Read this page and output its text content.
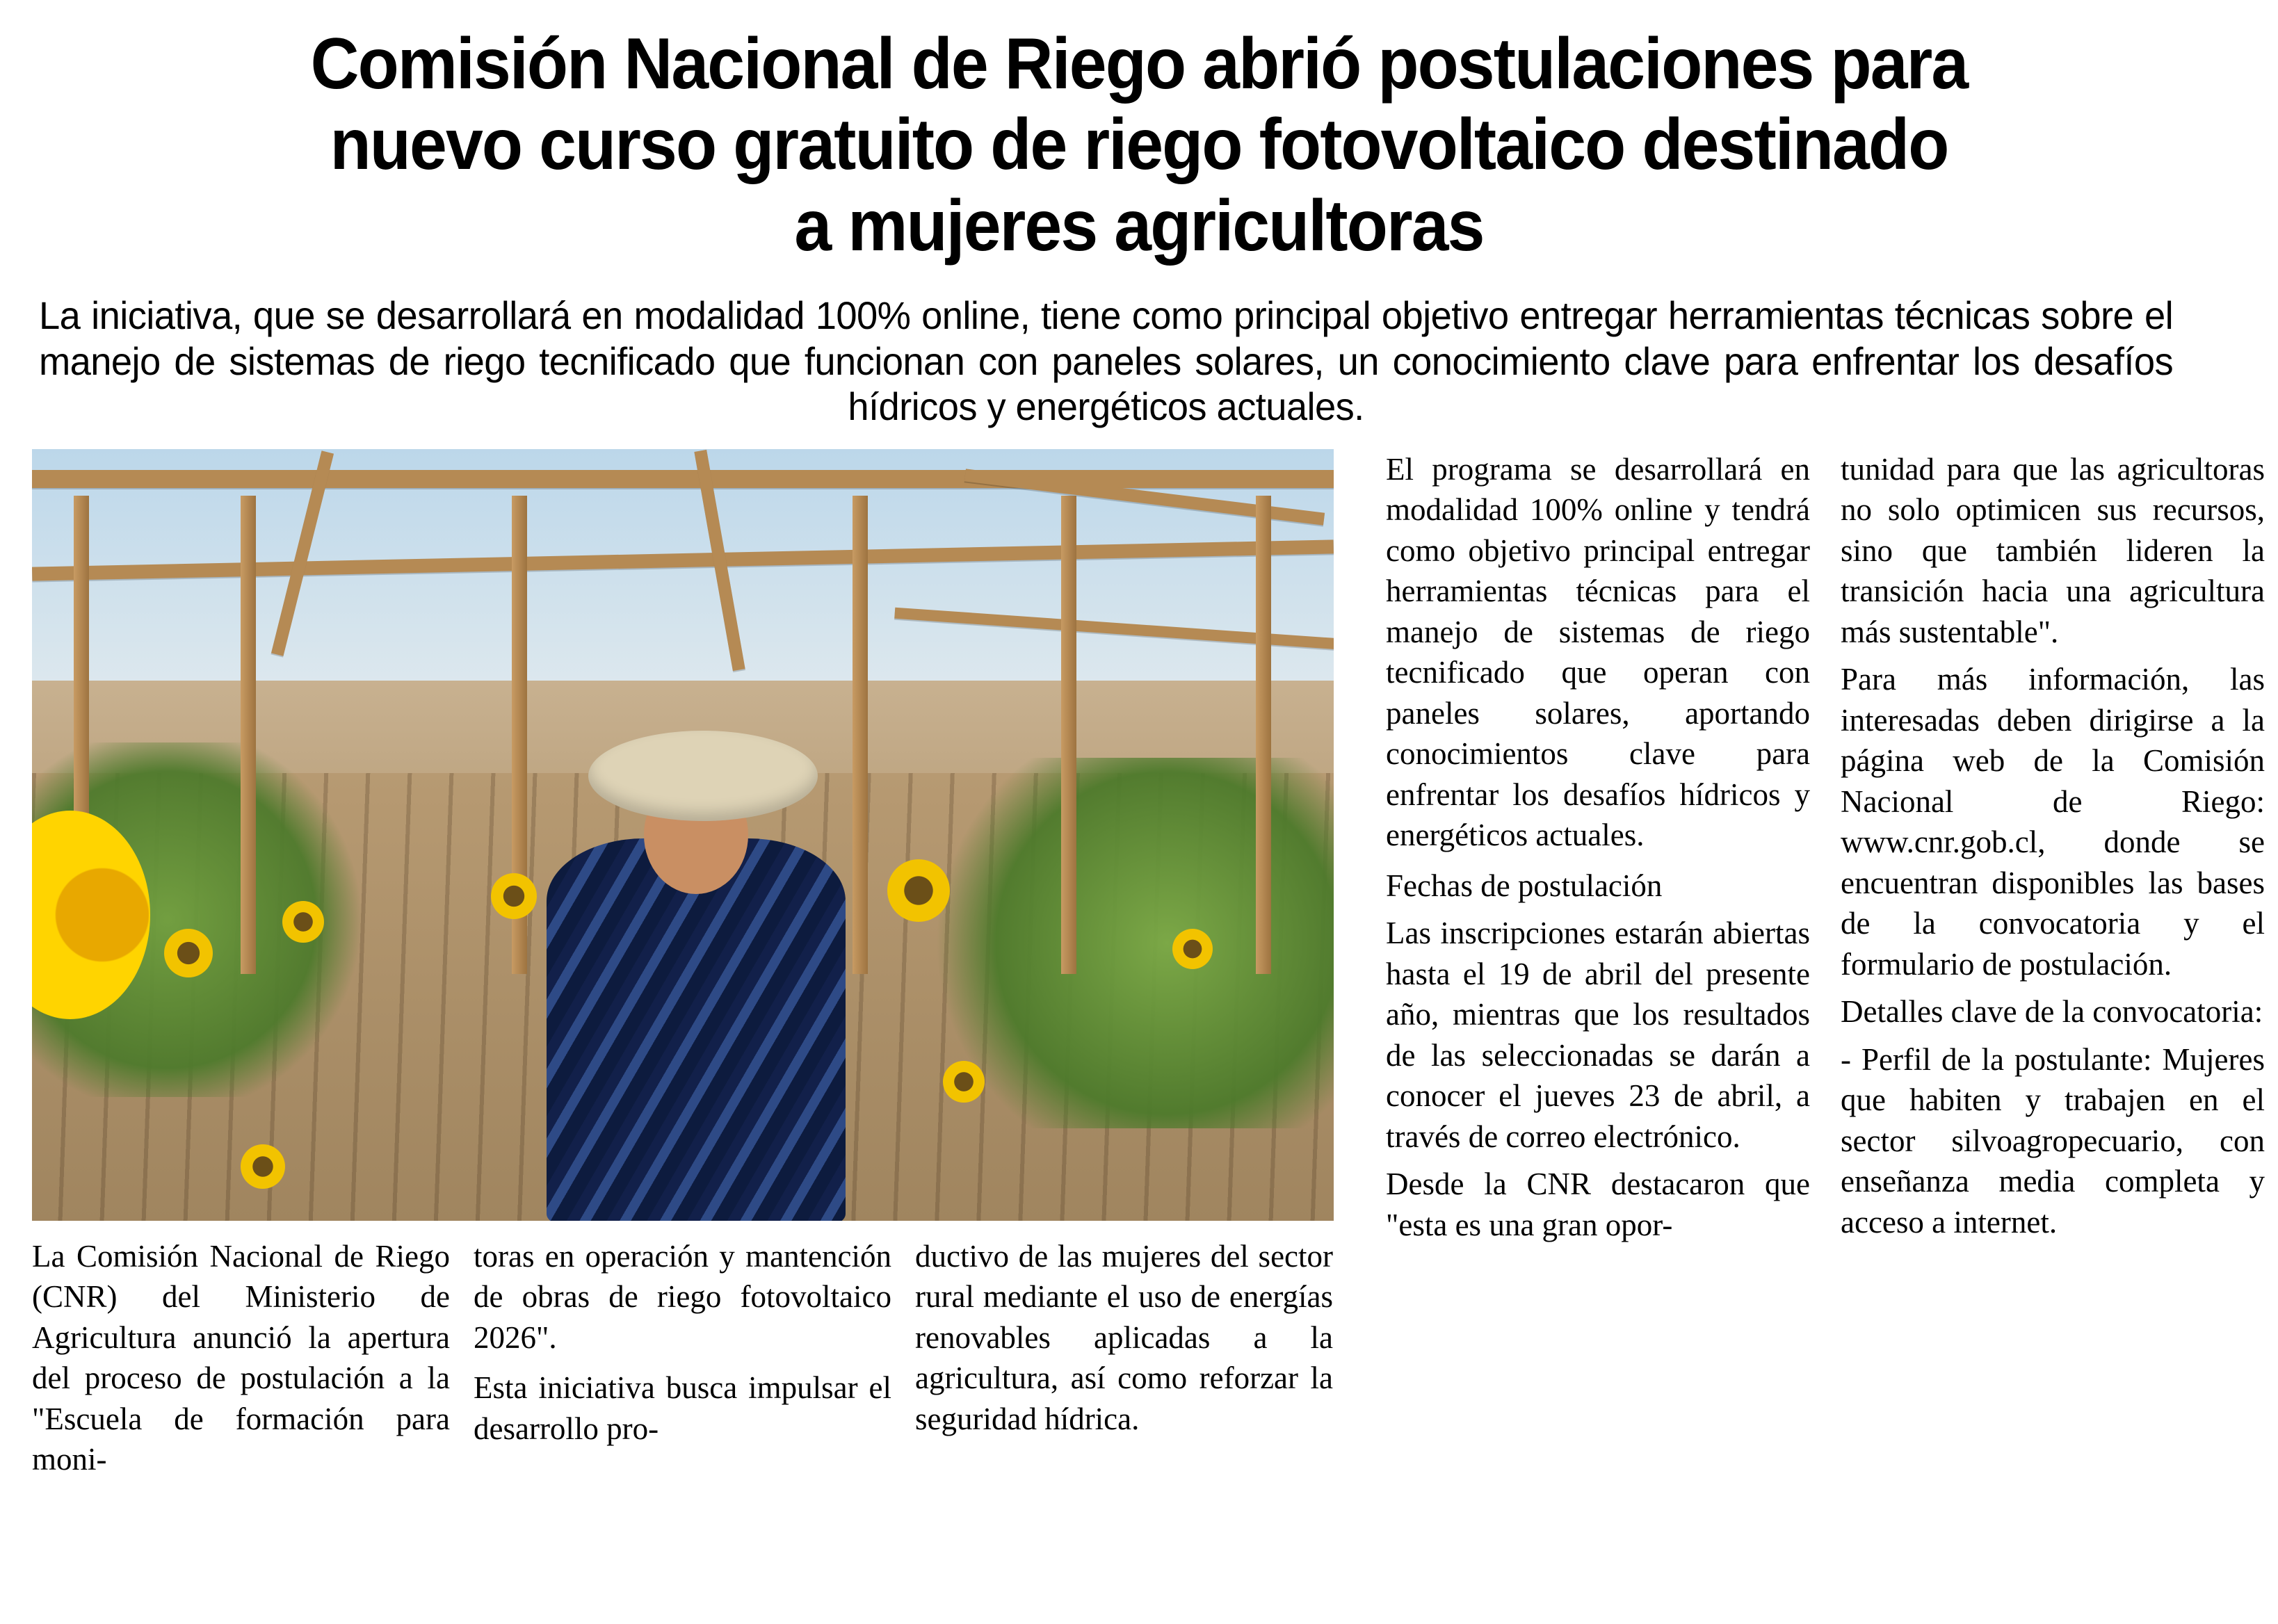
Comisión Nacional de Riego abrió postulaciones para
nuevo curso gratuito de riego fotovoltaico destinado
a mujeres agricultoras

La iniciativa, que se desarrollará en modalidad 100% online, tiene como principal objetivo entregar herramientas técnicas sobre el manejo de sistemas de riego tecnificado que funcionan con paneles solares, un conocimiento clave para enfrentar los desafíos hídricos y energéticos actuales.

La Comisión Nacional de Riego (CNR) del Ministerio de Agricultura anunció la apertura del proceso de postulación a la "Escuela de formación para moni-

toras en operación y mantención de obras de riego fotovoltaico 2026".

Esta iniciativa busca impulsar el desarrollo pro-

ductivo de las mujeres del sector rural mediante el uso de energías renovables aplicadas a la agricultura, así como reforzar la seguridad hídrica.

El programa se desarrollará en modalidad 100% online y tendrá como objetivo principal entregar herramientas técnicas para el manejo de sistemas de riego tecnificado que operan con paneles solares, aportando conocimientos clave para enfrentar los desafíos hídricos y energéticos actuales.

Fechas de postulación

Las inscripciones estarán abiertas hasta el 19 de abril del presente año, mientras que los resultados de las seleccionadas se darán a conocer el jueves 23 de abril, a través de correo electrónico.

Desde la CNR destacaron que "esta es una gran opor-

tunidad para que las agricultoras no solo optimicen sus recursos, sino que también lideren la transición hacia una agricultura más sustentable".

Para más información, las interesadas deben dirigirse a la página web de la Comisión Nacional de Riego: www.cnr.gob.cl, donde se encuentran disponibles las bases de la convocatoria y el formulario de postulación.

Detalles clave de la convocatoria:

- Perfil de la postulante: Mujeres que habiten y trabajen en el sector silvoagropecuario, con enseñanza media completa y acceso a internet.
